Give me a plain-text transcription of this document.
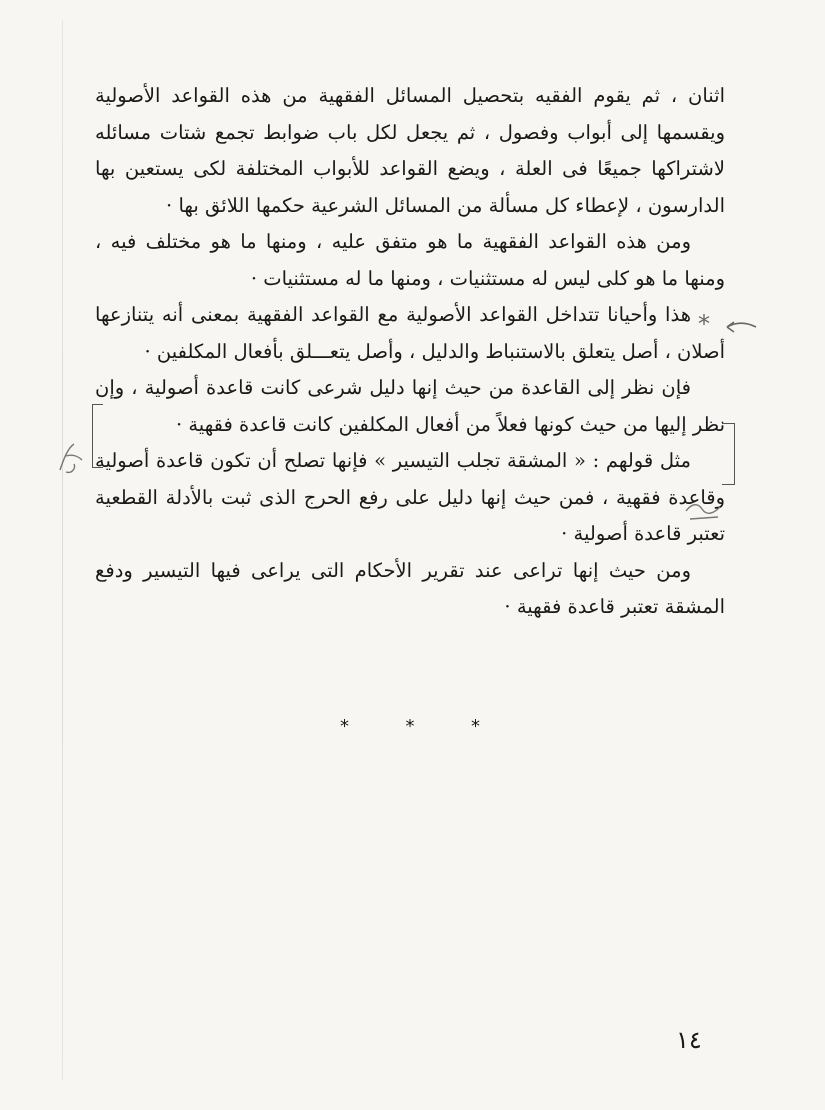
اثنان ، ثم يقوم الفقيه بتحصيل المسائل الفقهية من هذه القواعد الأصولية ويقسمها إلى أبواب وفصول ، ثم يجعل لكل باب ضوابط تجمع شتات مسائله لاشتراكها جميعًا فى العلة ، ويضع القواعد للأبواب المختلفة لكى يستعين بها الدارسون ، لإعطاء كل مسألة من المسائل الشرعية حكمها اللائق بها ·

ومن هذه القواعد الفقهية ما هو متفق عليه ، ومنها ما هو مختلف فيه ، ومنها ما هو كلى ليس له مستثنيات ، ومنها ما له مستثنيات ·

هذا وأحيانا تتداخل القواعد الأصولية مع القواعد الفقهية بمعنى أنه يتنازعها أصلان ، أصل يتعلق بالاستنباط والدليل ، وأصل يتعـــلق بأفعال المكلفين ·

فإن نظر إلى القاعدة من حيث إنها دليل شرعى كانت قاعدة أصولية ، وإن نظر إليها من حيث كونها فعلاً من أفعال المكلفين كانت قاعدة فقهية ·

مثل قولهم : « المشقة تجلب التيسير » فإنها تصلح أن تكون قاعدة أصولية وقاعدة فقهية ، فمن حيث إنها دليل على رفع الحرج الذى ثبت بالأدلة القطعية تعتبر قاعدة أصولية ·

ومن حيث إنها تراعى عند تقرير الأحكام التى يراعى فيها التيسير ودفع المشقة تعتبر قاعدة فقهية ·

*
*	*	*
١٤
